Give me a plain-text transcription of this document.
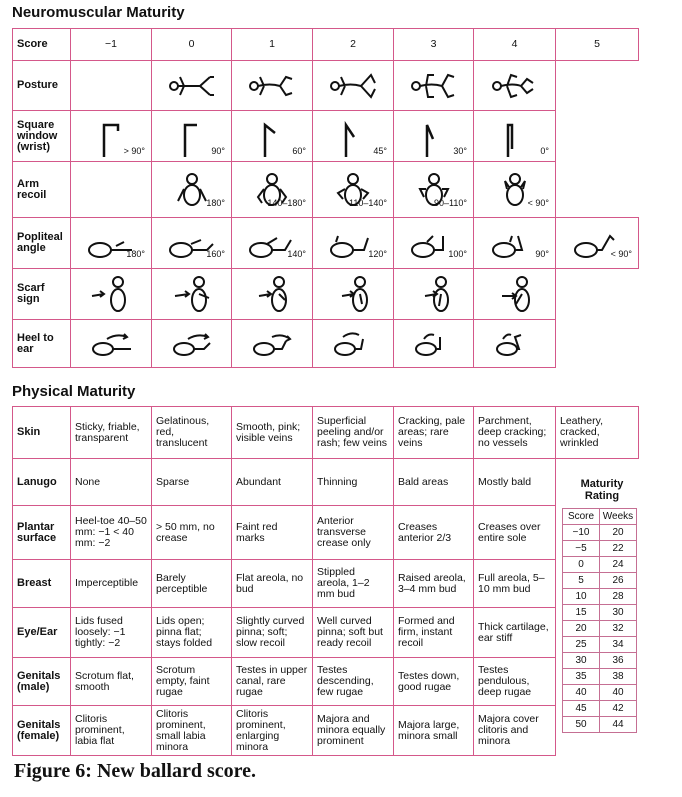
Neuromuscular Maturity
Score	−1	0	1	2	3	4	5
Posture		

Square window (wrist)	> 90°	90°	60°	45°	30°	0°	

Arm recoil		180°	140–180°	110–140°	90–110°	< 90°	

Popliteal angle	180°	160°	140°	120°	100°	90°	< 90°

Scarf sign	

Heel to ear	

Physical Maturity
Skin	Sticky, friable, transparent	Gelatinous, red, translucent	Smooth, pink; visible veins	Superficial peeling and/or rash; few veins	Cracking, pale areas; rare veins	Parchment, deep cracking; no vessels	Leathery, cracked, wrinkled
Lanugo	None	Sparse	Abundant	Thinning	Bald areas	Mostly bald	
Plantar surface	Heel-toe 40–50 mm: −1 < 40 mm: −2	> 50 mm, no crease	Faint red marks	Anterior transverse crease only	Creases anterior 2/3	Creases over entire sole	
Breast	Imperceptible	Barely perceptible	Flat areola, no bud	Stippled areola, 1–2 mm bud	Raised areola, 3–4 mm bud	Full areola, 5–10 mm bud	
Eye/Ear	Lids fused loosely: −1 tightly: −2	Lids open; pinna flat; stays folded	Slightly curved pinna; soft; slow recoil	Well curved pinna; soft but ready recoil	Formed and firm, instant recoil	Thick cartilage, ear stiff	
Genitals (male)	Scrotum flat, smooth	Scrotum empty, faint rugae	Testes in upper canal, rare rugae	Testes descending, few rugae	Testes down, good rugae	Testes pendulous, deep rugae	
Genitals (female)	Clitoris prominent, labia flat	Clitoris prominent, small labia minora	Clitoris prominent, enlarging minora	Majora and minora equally prominent	Majora large, minora small	Majora cover clitoris and minora	
Maturity Rating
Score	Weeks
−10	20
−5	22
0	24
5	26
10	28
15	30
20	32
25	34
30	36
35	38
40	40
45	42
50	44
Figure 6: New ballard score.
